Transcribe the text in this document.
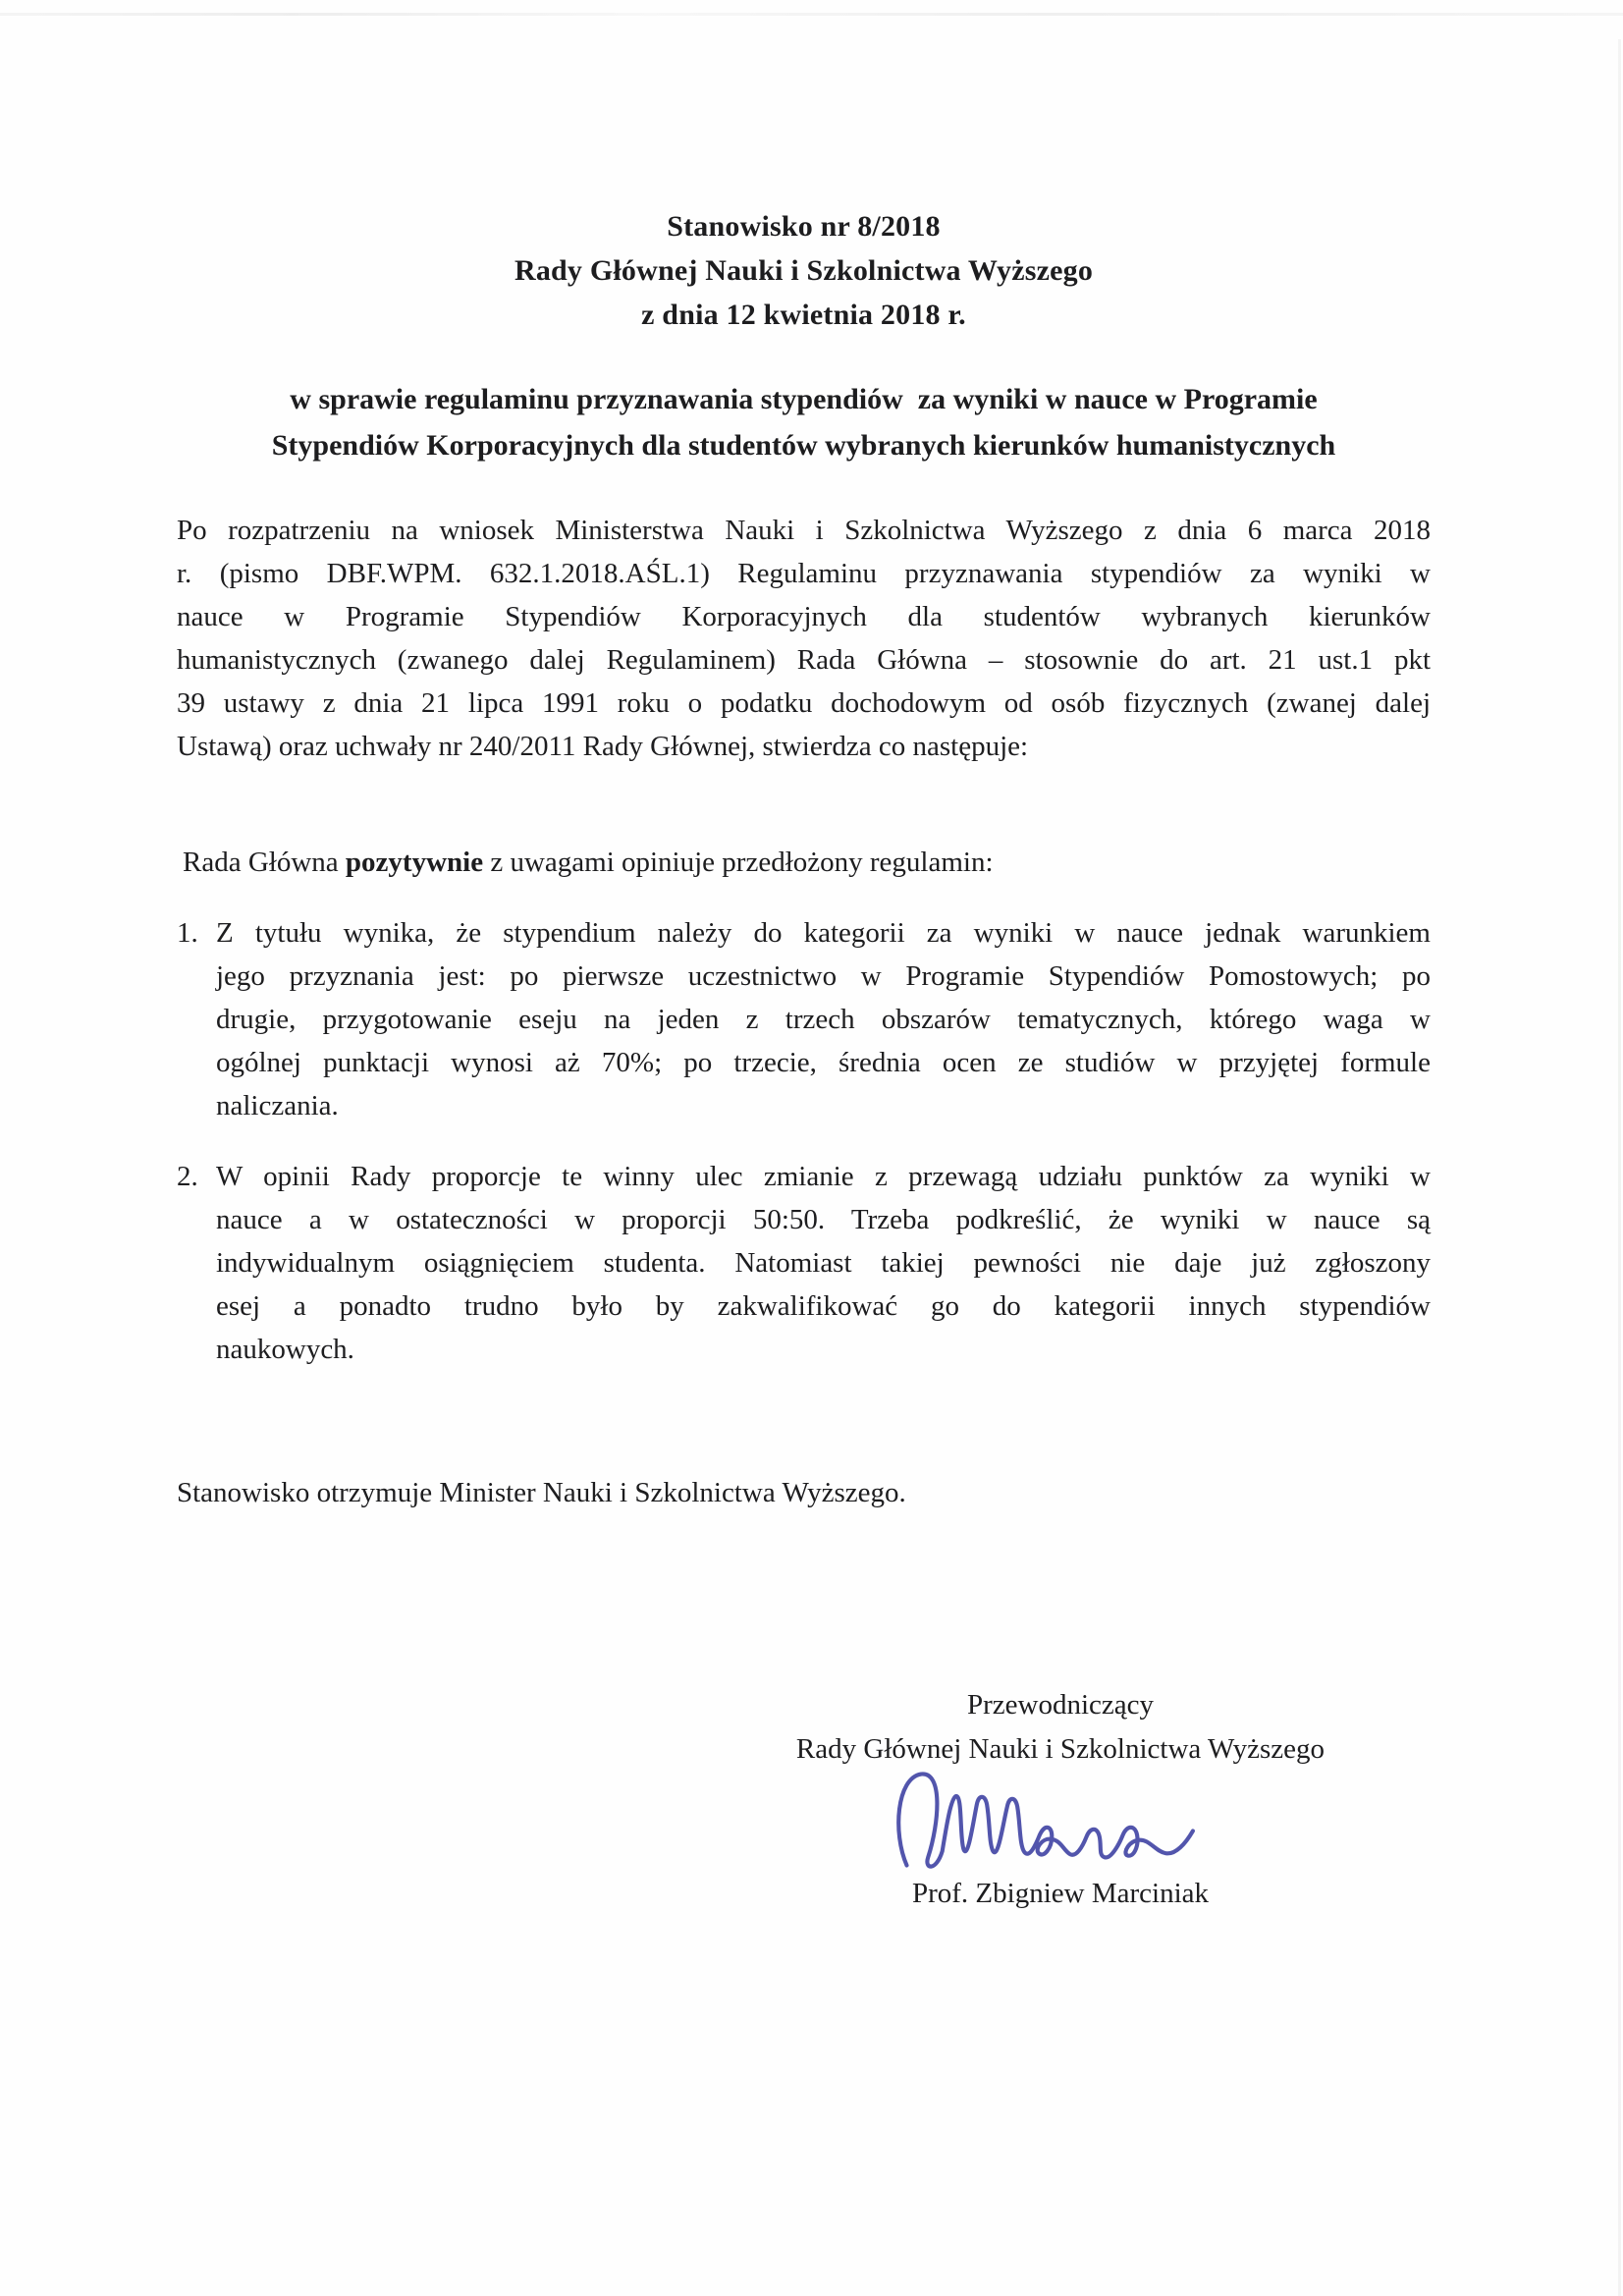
Stanowisko nr 8/2018
Rady Głównej Nauki i Szkolnictwa Wyższego
z dnia 12 kwietnia 2018 r.
w sprawie regulaminu przyznawania stypendiów  za wyniki w nauce w Programie
Stypendiów Korporacyjnych dla studentów wybranych kierunków humanistycznych
Po rozpatrzeniu na wniosek Ministerstwa Nauki i Szkolnictwa Wyższego z dnia 6 marca 2018
r. (pismo DBF.WPM. 632.1.2018.AŚL.1) Regulaminu przyznawania stypendiów za wyniki w
nauce w Programie Stypendiów Korporacyjnych dla studentów wybranych kierunków
humanistycznych (zwanego dalej Regulaminem) Rada Główna – stosownie do art. 21 ust.1 pkt
39 ustawy z dnia 21 lipca 1991 roku o podatku dochodowym od osób fizycznych (zwanej dalej
Ustawą) oraz uchwały nr 240/2011 Rady Głównej, stwierdza co następuje:

Rada Główna pozytywnie z uwagami opiniuje przedłożony regulamin:

1. Z tytułu wynika, że stypendium należy do kategorii za wyniki w nauce jednak warunkiem
jego przyznania jest: po pierwsze uczestnictwo w Programie Stypendiów Pomostowych; po
drugie, przygotowanie eseju na jeden z trzech obszarów tematycznych, którego waga w
ogólnej punktacji wynosi aż 70%; po trzecie, średnia ocen ze studiów w przyjętej formule
naliczania.
2. W opinii Rady proporcje te winny ulec zmianie z przewagą udziału punktów za wyniki w
nauce a w ostateczności w proporcji 50:50. Trzeba podkreślić, że wyniki w nauce są
indywidualnym osiągnięciem studenta. Natomiast takiej pewności nie daje już zgłoszony
esej a ponadto trudno było by zakwalifikować go do kategorii innych stypendiów
naukowych.

Stanowisko otrzymuje Minister Nauki i Szkolnictwa Wyższego.

Przewodniczący
Rady Głównej Nauki i Szkolnictwa Wyższego
Prof. Zbigniew Marciniak
